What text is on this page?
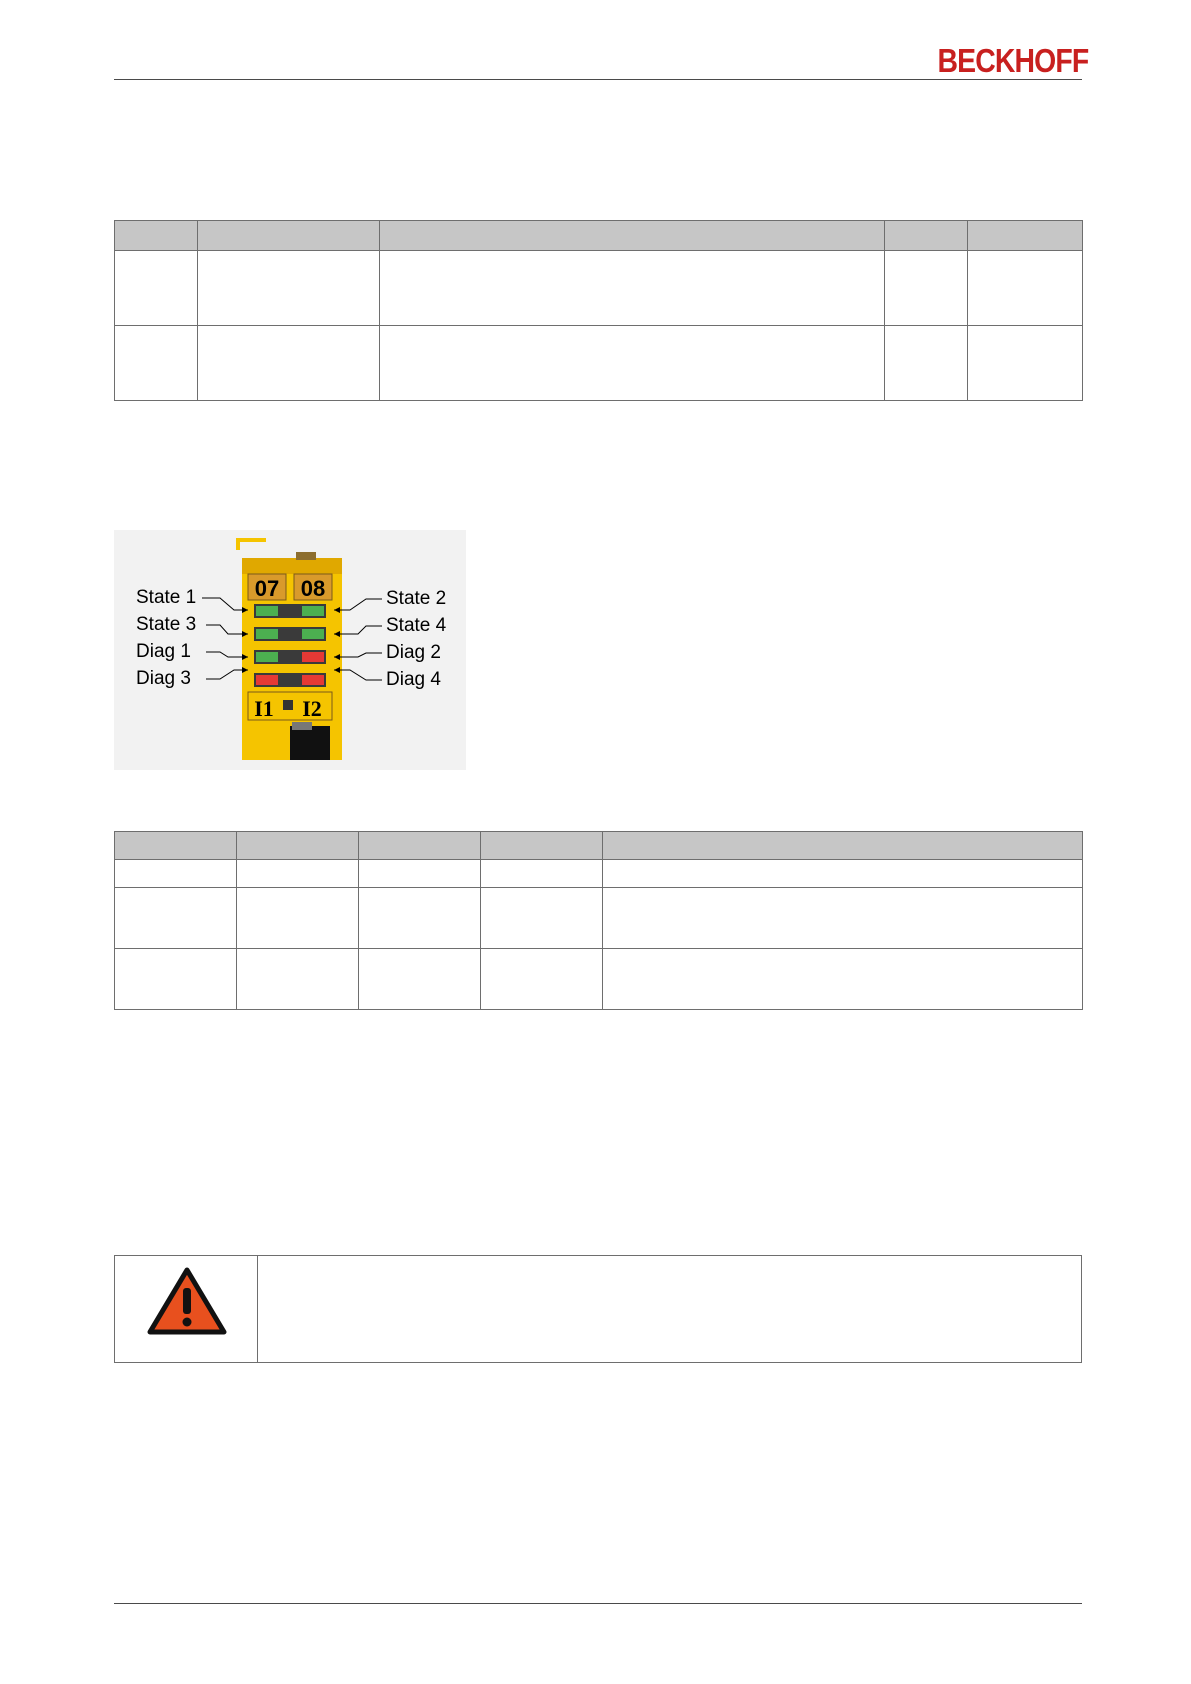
BECKHOFF

07 08
I1 I2
State 1
State 3
Diag 1
Diag 3
State 2
State 4
Diag 2
Diag 4
